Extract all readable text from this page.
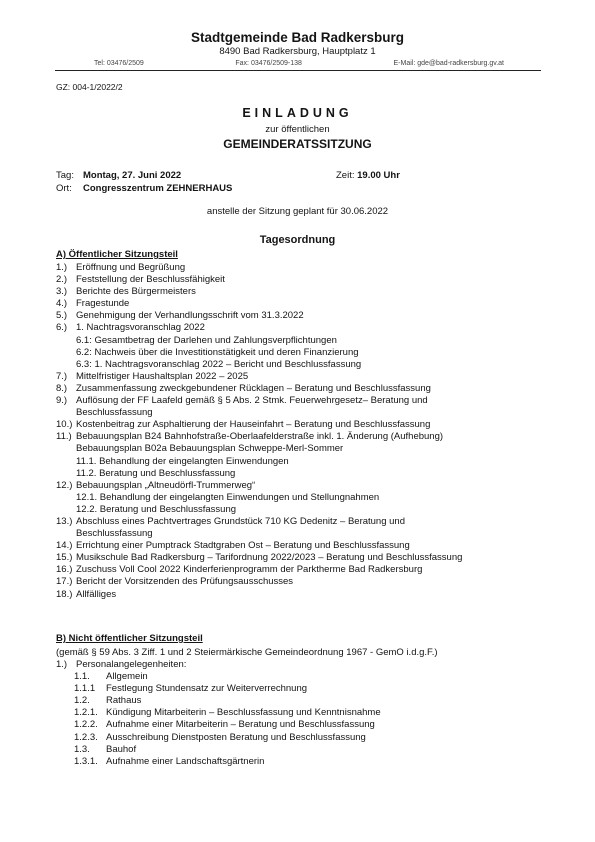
Stadtgemeinde Bad Radkersburg
8490 Bad Radkersburg, Hauptplatz 1
Tel: 03476/2509	Fax: 03476/2509-138	E-Mail: gde@bad-radkersburg.gv.at
GZ: 004-1/2022/2
EINLADUNG
zur öffentlichen
GEMEINDERATSSITZUNG
Tag: Montag, 27. Juni 2022	Zeit: 19.00 Uhr
Ort: Congresszentrum ZEHNERHAUS
anstelle der Sitzung geplant für 30.06.2022
Tagesordnung
A) Öffentlicher Sitzungsteil
1.) Eröffnung und Begrüßung
2.) Feststellung der Beschlussfähigkeit
3.) Berichte des Bürgermeisters
4.) Fragestunde
5.) Genehmigung der Verhandlungsschrift vom 31.3.2022
6.) 1. Nachtragsvoranschlag 2022
6.1: Gesamtbetrag der Darlehen und Zahlungsverpflichtungen
6.2: Nachweis über die Investitionstätigkeit und deren Finanzierung
6.3: 1. Nachtragsvoranschlag 2022 – Bericht und Beschlussfassung
7.) Mittelfristiger Haushaltsplan 2022 – 2025
8.) Zusammenfassung zweckgebundener Rücklagen – Beratung und Beschlussfassung
9.) Auflösung der FF Laafeld gemäß § 5 Abs. 2 Stmk. Feuerwehrgesetz– Beratung und
Beschlussfassung
10.) Kostenbeitrag zur Asphaltierung der Hauseinfahrt – Beratung und Beschlussfassung
11.) Bebauungsplan B24 Bahnhofstraße-Oberlaafelderstraße inkl. 1. Änderung (Aufhebung)
Bebauungsplan B02a Bebauungsplan Schweppe-Merl-Sommer
11.1. Behandlung der eingelangten Einwendungen
11.2. Beratung und Beschlussfassung
12.) Bebauungsplan „Altneudörfl-Trummerweg“
12.1. Behandlung der eingelangten Einwendungen und Stellungnahmen
12.2. Beratung und Beschlussfassung
13.) Abschluss eines Pachtvertrages Grundstück 710 KG Dedenitz – Beratung und
Beschlussfassung
14.) Errichtung einer Pumptrack Stadtgraben Ost – Beratung und Beschlussfassung
15.) Musikschule Bad Radkersburg – Tarifordnung 2022/2023 – Beratung und Beschlussfassung
16.) Zuschuss Voll Cool 2022 Kinderferienprogramm der Parktherme Bad Radkersburg
17.) Bericht der Vorsitzenden des Prüfungsausschusses
18.) Allfälliges
B) Nicht öffentlicher Sitzungsteil
(gemäß § 59 Abs. 3 Ziff. 1 und 2 Steiermärkische Gemeindeordnung 1967 - GemO i.d.g.F.)
1.) Personalangelegenheiten:
1.1.	Allgemein
1.1.1	Festlegung Stundensatz zur Weiterverrechnung
1.2.	Rathaus
1.2.1. Kündigung Mitarbeiterin – Beschlussfassung und Kenntnisnahme
1.2.2. Aufnahme einer Mitarbeiterin – Beratung und Beschlussfassung
1.2.3. Ausschreibung Dienstposten Beratung und Beschlussfassung
1.3.	Bauhof
1.3.1. Aufnahme einer Landschaftsgärtnerin
